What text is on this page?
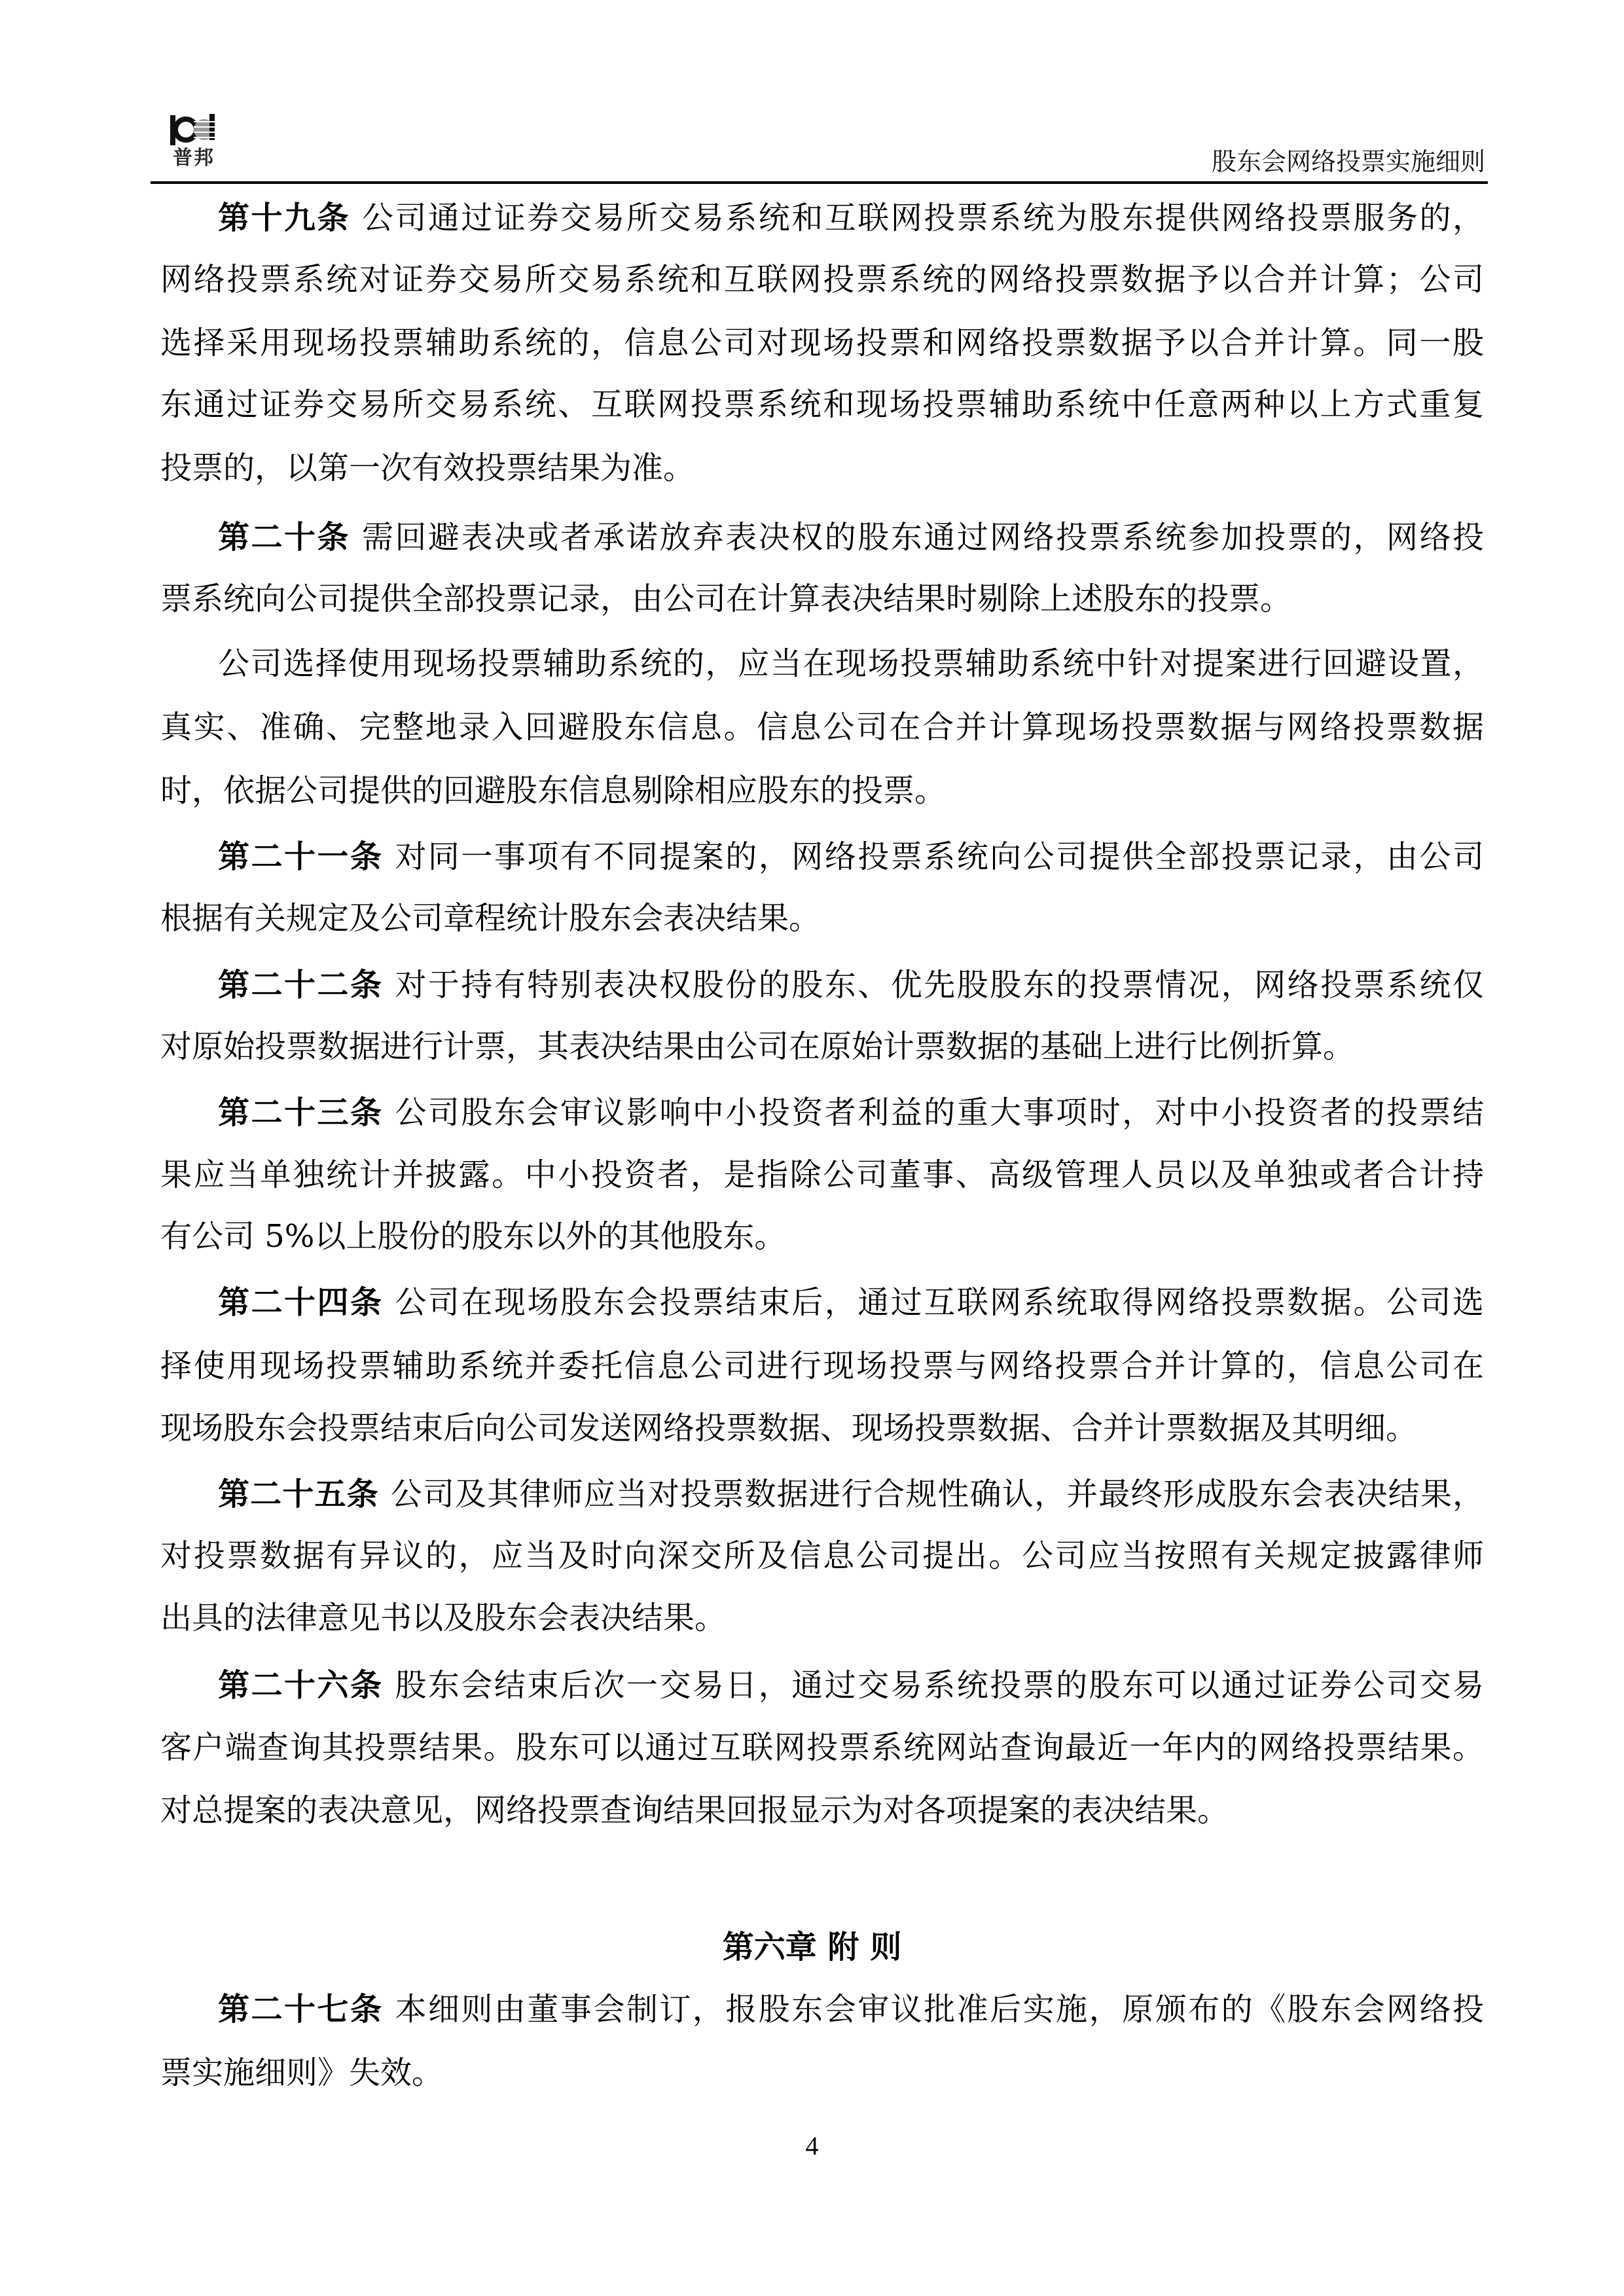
普邦	股东会网络投票实施细则
第十九条 公司通过证券交易所交易系统和互联网投票系统为股东提供网络投票服务的，
网络投票系统对证券交易所交易系统和互联网投票系统的网络投票数据予以合并计算；公司
选择采用现场投票辅助系统的，信息公司对现场投票和网络投票数据予以合并计算。同一股
东通过证券交易所交易系统、互联网投票系统和现场投票辅助系统中任意两种以上方式重复
投票的，以第一次有效投票结果为准。
第二十条 需回避表决或者承诺放弃表决权的股东通过网络投票系统参加投票的，网络投
票系统向公司提供全部投票记录，由公司在计算表决结果时剔除上述股东的投票。
公司选择使用现场投票辅助系统的，应当在现场投票辅助系统中针对提案进行回避设置，
真实、准确、完整地录入回避股东信息。信息公司在合并计算现场投票数据与网络投票数据
时，依据公司提供的回避股东信息剔除相应股东的投票。
第二十一条 对同一事项有不同提案的，网络投票系统向公司提供全部投票记录，由公司
根据有关规定及公司章程统计股东会表决结果。
第二十二条 对于持有特别表决权股份的股东、优先股股东的投票情况，网络投票系统仅
对原始投票数据进行计票，其表决结果由公司在原始计票数据的基础上进行比例折算。
第二十三条 公司股东会审议影响中小投资者利益的重大事项时，对中小投资者的投票结
果应当单独统计并披露。中小投资者，是指除公司董事、高级管理人员以及单独或者合计持
有公司 5%以上股份的股东以外的其他股东。
第二十四条 公司在现场股东会投票结束后，通过互联网系统取得网络投票数据。公司选
择使用现场投票辅助系统并委托信息公司进行现场投票与网络投票合并计算的，信息公司在
现场股东会投票结束后向公司发送网络投票数据、现场投票数据、合并计票数据及其明细。
第二十五条 公司及其律师应当对投票数据进行合规性确认，并最终形成股东会表决结果，
对投票数据有异议的，应当及时向深交所及信息公司提出。公司应当按照有关规定披露律师
出具的法律意见书以及股东会表决结果。
第二十六条 股东会结束后次一交易日，通过交易系统投票的股东可以通过证券公司交易
客户端查询其投票结果。股东可以通过互联网投票系统网站查询最近一年内的网络投票结果。
对总提案的表决意见，网络投票查询结果回报显示为对各项提案的表决结果。
第二十七条 本细则由董事会制订，报股东会审议批准后实施，原颁布的《股东会网络投
票实施细则》失效。
第六章 附 则
4
